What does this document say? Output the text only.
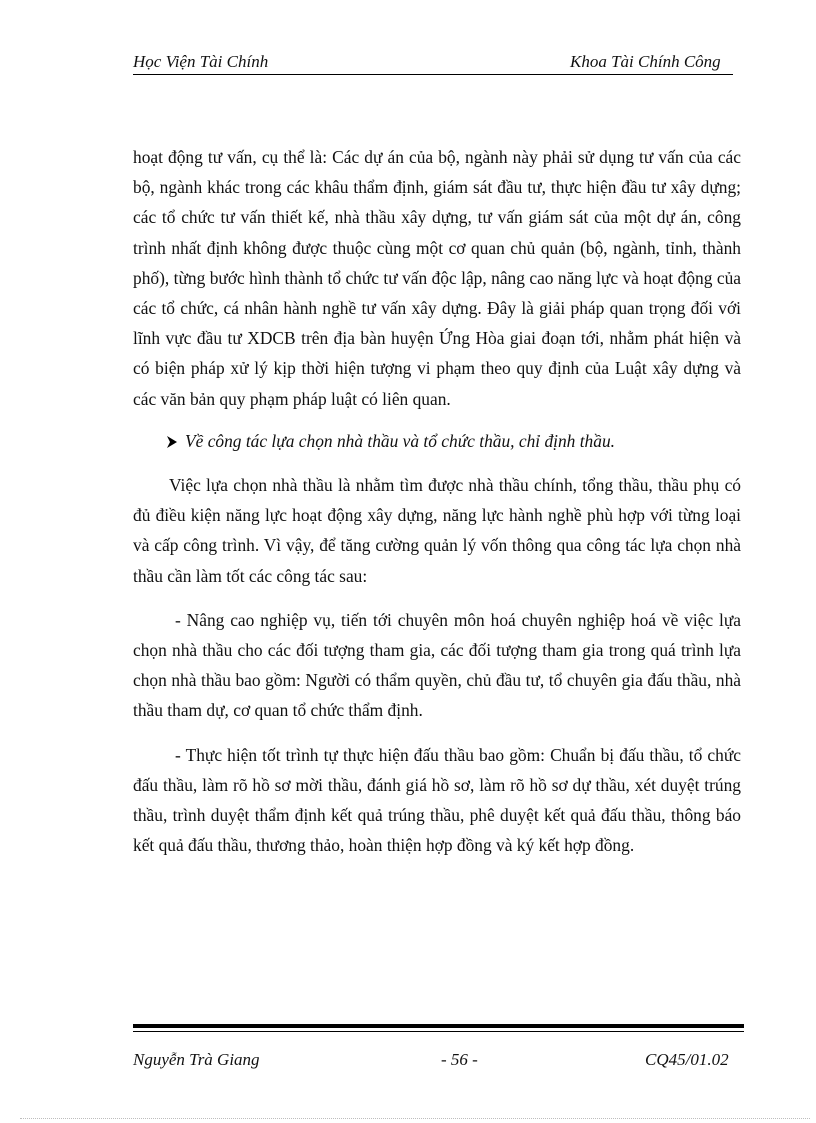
Học Viện Tài Chính	Khoa Tài Chính Công

hoạt động tư vấn, cụ thể là: Các dự án của bộ, ngành này phải sử dụng tư vấn của các bộ, ngành khác trong các khâu thẩm định, giám sát đầu tư, thực hiện đầu tư xây dựng; các tổ chức tư vấn thiết kế, nhà thầu xây dựng, tư vấn giám sát của một dự án, công trình nhất định không được thuộc cùng một cơ quan chủ quản (bộ, ngành, tỉnh, thành phố), từng bước hình thành tổ chức tư vấn độc lập, nâng cao năng lực và hoạt động của các tổ chức, cá nhân hành nghề tư vấn xây dựng. Đây là giải pháp quan trọng đối với lĩnh vực đầu tư XDCB trên địa bàn huyện Ứng Hòa giai đoạn tới, nhằm phát hiện và có biện pháp xử lý kịp thời hiện tượng vi phạm theo quy định của Luật xây dựng và các văn bản quy phạm pháp luật có liên quan.

Về công tác lựa chọn nhà thầu và tổ chức thầu, chỉ định thầu.

Việc lựa chọn nhà thầu là nhằm tìm được nhà thầu chính, tổng thầu, thầu phụ có đủ điều kiện năng lực hoạt động xây dựng, năng lực hành nghề phù hợp với từng loại và cấp công trình. Vì vậy, để tăng cường quản lý vốn thông qua công tác lựa chọn nhà thầu cần làm tốt các công tác sau:

- Nâng cao nghiệp vụ, tiến tới chuyên môn hoá chuyên nghiệp hoá về việc lựa chọn nhà thầu cho các đối tượng tham gia, các đối tượng tham gia trong quá trình lựa chọn nhà thầu bao gồm: Người có thẩm quyền, chủ đầu tư, tổ chuyên gia đấu thầu, nhà thầu tham dự, cơ quan tổ chức thẩm định.

- Thực hiện tốt trình tự thực hiện đấu thầu bao gồm: Chuẩn bị đấu thầu, tổ chức đấu thầu, làm rõ hồ sơ mời thầu, đánh giá hồ sơ, làm rõ hồ sơ dự thầu, xét duyệt trúng thầu, trình duyệt thẩm định kết quả trúng thầu, phê duyệt kết quả đấu thầu, thông báo kết quả đấu thầu, thương thảo, hoàn thiện hợp đồng và ký kết hợp đồng.

Nguyễn Trà Giang	- 56 -	CQ45/01.02
